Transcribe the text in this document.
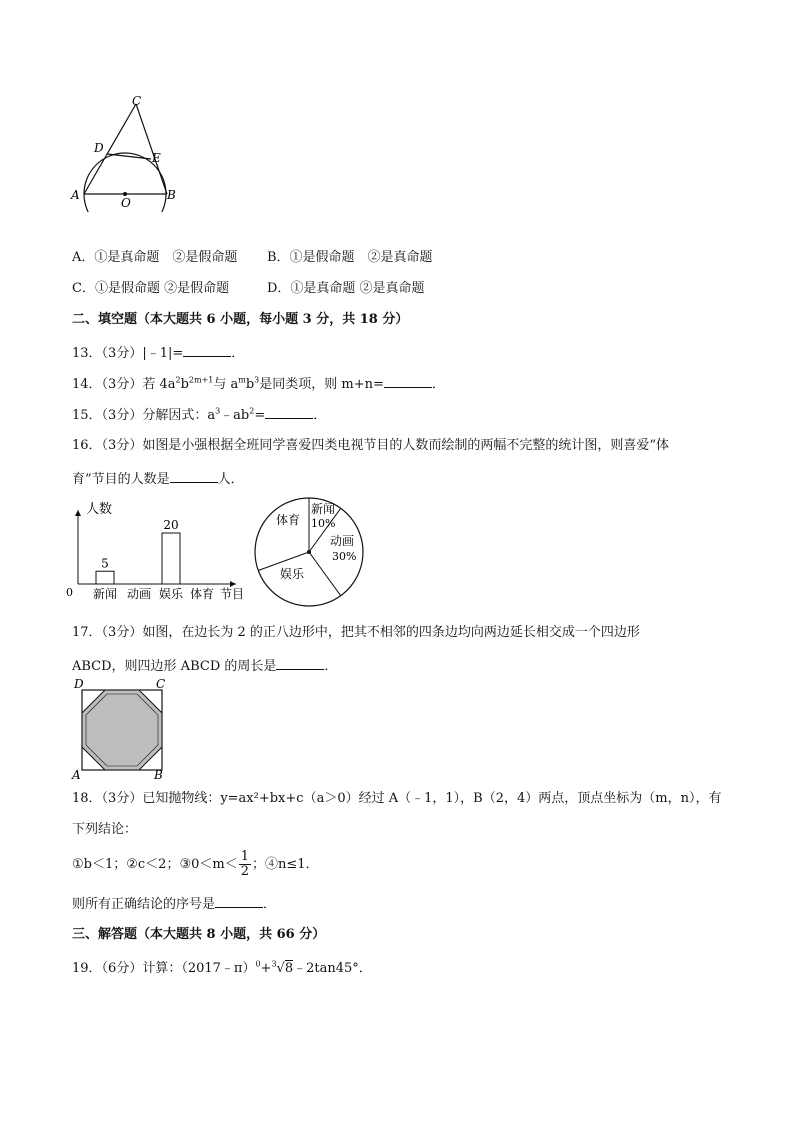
C
D
E
A
O
B
A．①是真命题　②是假命题 B．①是假命题　②是真命题
C．①是假命题 ②是假命题	D．①是真命题 ②是真命题
二、填空题（本大题共 6 小题，每小题 3 分，共 18 分）
13．（3分）|﹣1|=	．
14．（3分）若 $4a^2b^{2m+1}$与 $a^mb^3$是同类项，则 m+n=	．
15．（3分）分解因式：$a^3﹣ab^2=$	．
16．（3分）如图是小强根据全班同学喜爱四类电视节目的人数而绘制的两幅不完整的统计图，则喜爱“体
育”节目的人数是	人．
人数
0	节目
新闻
5
动画 娱乐
20
体育
新闻
10%
动画
30%
娱乐
体育
17．（3分）如图，在边长为 2 的正八边形中，把其不相邻的四条边均向两边延长相交成一个四边形
ABCD，则四边形 ABCD 的周长是	．
D	C
A	B
18．（3分）已知抛物线：y=ax²+bx+c（a＞0）经过 A（﹣1，1），B（2，4）两点，顶点坐标为（m，n），有
下列结论：
①b＜1；②c＜2；③0＜m＜ $\frac{1}{2}$ ；④n≤1．
则所有正确结论的序号是	．
三、解答题（本大题共 8 小题，共 66 分）
19．（6分）计算：（2017﹣π）$^0$+$^3$√8﹣2tan45°．
